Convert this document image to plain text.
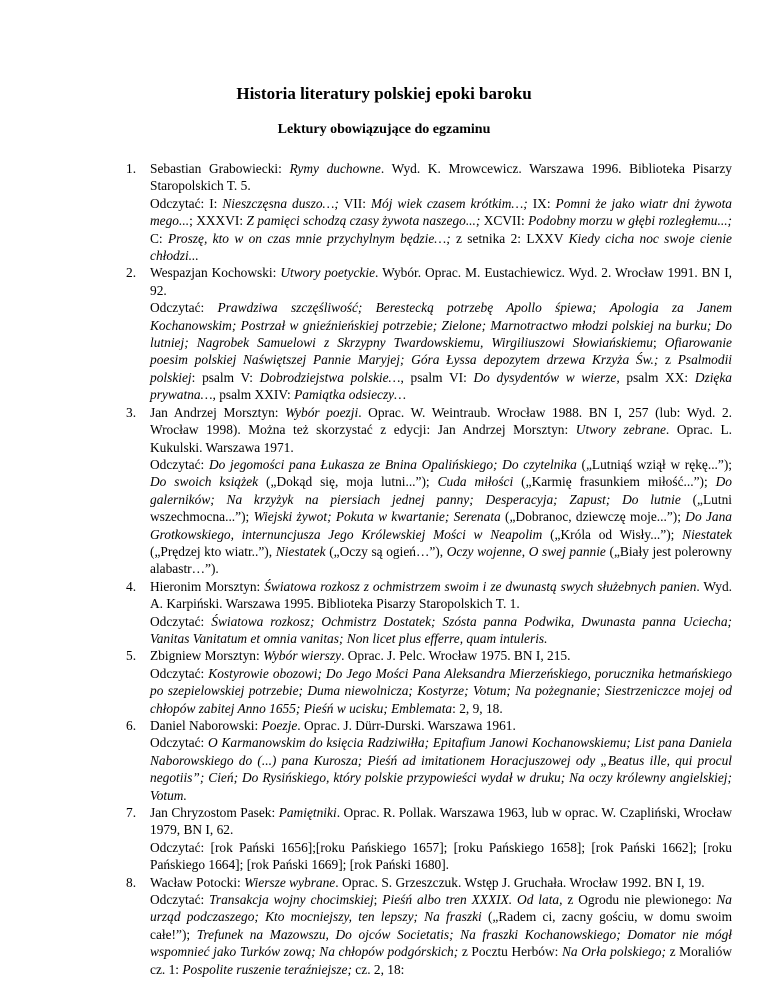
Historia literatury polskiej epoki baroku
Lektury obowiązujące do egzaminu
1. Sebastian Grabowiecki: Rymy duchowne. Wyd. K. Mrowcewicz. Warszawa 1996. Biblioteka Pisarzy Staropolskich T. 5.
Odczytać: I: Nieszczęsna duszo…; VII: Mój wiek czasem krótkim…; IX: Pomni że jako wiatr dni żywota mego...; XXXVI: Z pamięci schodzą czasy żywota naszego...; XCVII: Podobny morzu w głębi rozległemu...; C: Proszę, kto w on czas mnie przychylnym będzie…; z setnika 2: LXXV Kiedy cicha noc swoje cienie chłodzi...
2. Wespazjan Kochowski: Utwory poetyckie. Wybór. Oprac. M. Eustachiewicz. Wyd. 2. Wrocław 1991. BN I, 92.
Odczytać: Prawdziwa szczęśliwość; Berestecką potrzebę Apollo śpiewa; Apologia za Janem Kochanowskim; Postrzał w gnieźnieńskiej potrzebie; Zielone; Marnotractwo młodzi polskiej na burku; Do lutniej; Nagrobek Samuelowi z Skrzypny Twardowskiemu, Wirgiliuszowi Słowiańskiemu; Ofiarowanie poesim polskiej Naświętszej Pannie Maryjej; Góra Łyssa depozytem drzewa Krzyża Św.; z Psalmodii polskiej: psalm V: Dobrodziejstwa polskie…, psalm VI: Do dysydentów w wierze, psalm XX: Dzięka prywatna…, psalm XXIV: Pamiątka odsieczy…
3. Jan Andrzej Morsztyn: Wybór poezji. Oprac. W. Weintraub. Wrocław 1988. BN I, 257 (lub: Wyd. 2. Wrocław 1998). Można też skorzystać z edycji: Jan Andrzej Morsztyn: Utwory zebrane. Oprac. L. Kukulski. Warszawa 1971.
Odczytać: Do jegomości pana Łukasza ze Bnina Opalińskiego; Do czytelnika („Lutniąś wziął w rękę...”); Do swoich książek („Dokąd się, moja lutni...”); Cuda miłości („Karmię frasunkiem miłość...”); Do galerników; Na krzyżyk na piersiach jednej panny; Desperacyja; Zapust; Do lutnie („Lutni wszechmocna...”); Wiejski żywot; Pokuta w kwartanie; Serenata („Dobranoc, dziewczę moje...”); Do Jana Grotkowskiego, internuncjusza Jego Królewskiej Mości w Neapolim („Króla od Wisły...”); Niestatek („Prędzej kto wiatr..”), Niestatek („Oczy są ogień…”), Oczy wojenne, O swej pannie („Biały jest polerowny alabastr…”).
4. Hieronim Morsztyn: Światowa rozkosz z ochmistrzem swoim i ze dwunastą swych służebnych panien. Wyd. A. Karpiński. Warszawa 1995. Biblioteka Pisarzy Staropolskich T. 1.
Odczytać: Światowa rozkosz; Ochmistrz Dostatek; Szósta panna Podwika, Dwunasta panna Uciecha; Vanitas Vanitatum et omnia vanitas; Non licet plus efferre, quam intuleris.
5. Zbigniew Morsztyn: Wybór wierszy. Oprac. J. Pelc. Wrocław 1975. BN I, 215.
Odczytać: Kostyrowie obozowi; Do Jego Mości Pana Aleksandra Mierzeńskiego, porucznika hetmańskiego po szepielowskiej potrzebie; Duma niewolnicza; Kostyrze; Votum; Na pożegnanie; Siestrzeniczce mojej od chłopów zabitej Anno 1655; Pieśń w ucisku; Emblemata: 2, 9, 18.
6. Daniel Naborowski: Poezje. Oprac. J. Dürr-Durski. Warszawa 1961.
Odczytać: O Karmanowskim do księcia Radziwiłła; Epitafium Janowi Kochanowskiemu; List pana Daniela Naborowskiego do (...) pana Kurosza; Pieśń ad imitationem Horacjuszowej ody „Beatus ille, qui procul negotiis”; Cień; Do Rysińskiego, który polskie przypowieści wydał w druku; Na oczy królewny angielskiej; Votum.
7. Jan Chryzostom Pasek: Pamiętniki. Oprac. R. Pollak. Warszawa 1963, lub w oprac. W. Czapliński, Wrocław 1979, BN I, 62.
Odczytać: [rok Pański 1656];[roku Pańskiego 1657]; [roku Pańskiego 1658]; [rok Pański 1662]; [roku Pańskiego 1664]; [rok Pański 1669]; [rok Pański 1680].
8. Wacław Potocki: Wiersze wybrane. Oprac. S. Grzeszczuk. Wstęp J. Gruchała. Wrocław 1992. BN I, 19.
Odczytać: Transakcja wojny chocimskiej; Pieśń albo tren XXXIX. Od lata, z Ogrodu nie plewionego: Na urząd podczaszego; Kto mocniejszy, ten lepszy; Na fraszki („Radem ci, zacny gościu, w domu swoim całe!”); Trefunek na Mazowszu, Do ojców Societatis; Na fraszki Kochanowskiego; Domator nie mógł wspomnieć jako Turków zową; Na chłopów podgórskich; z Pocztu Herbów: Na Orła polskiego; z Moraliów cz. 1: Pospolite ruszenie teraźniejsze; cz. 2, 18:
